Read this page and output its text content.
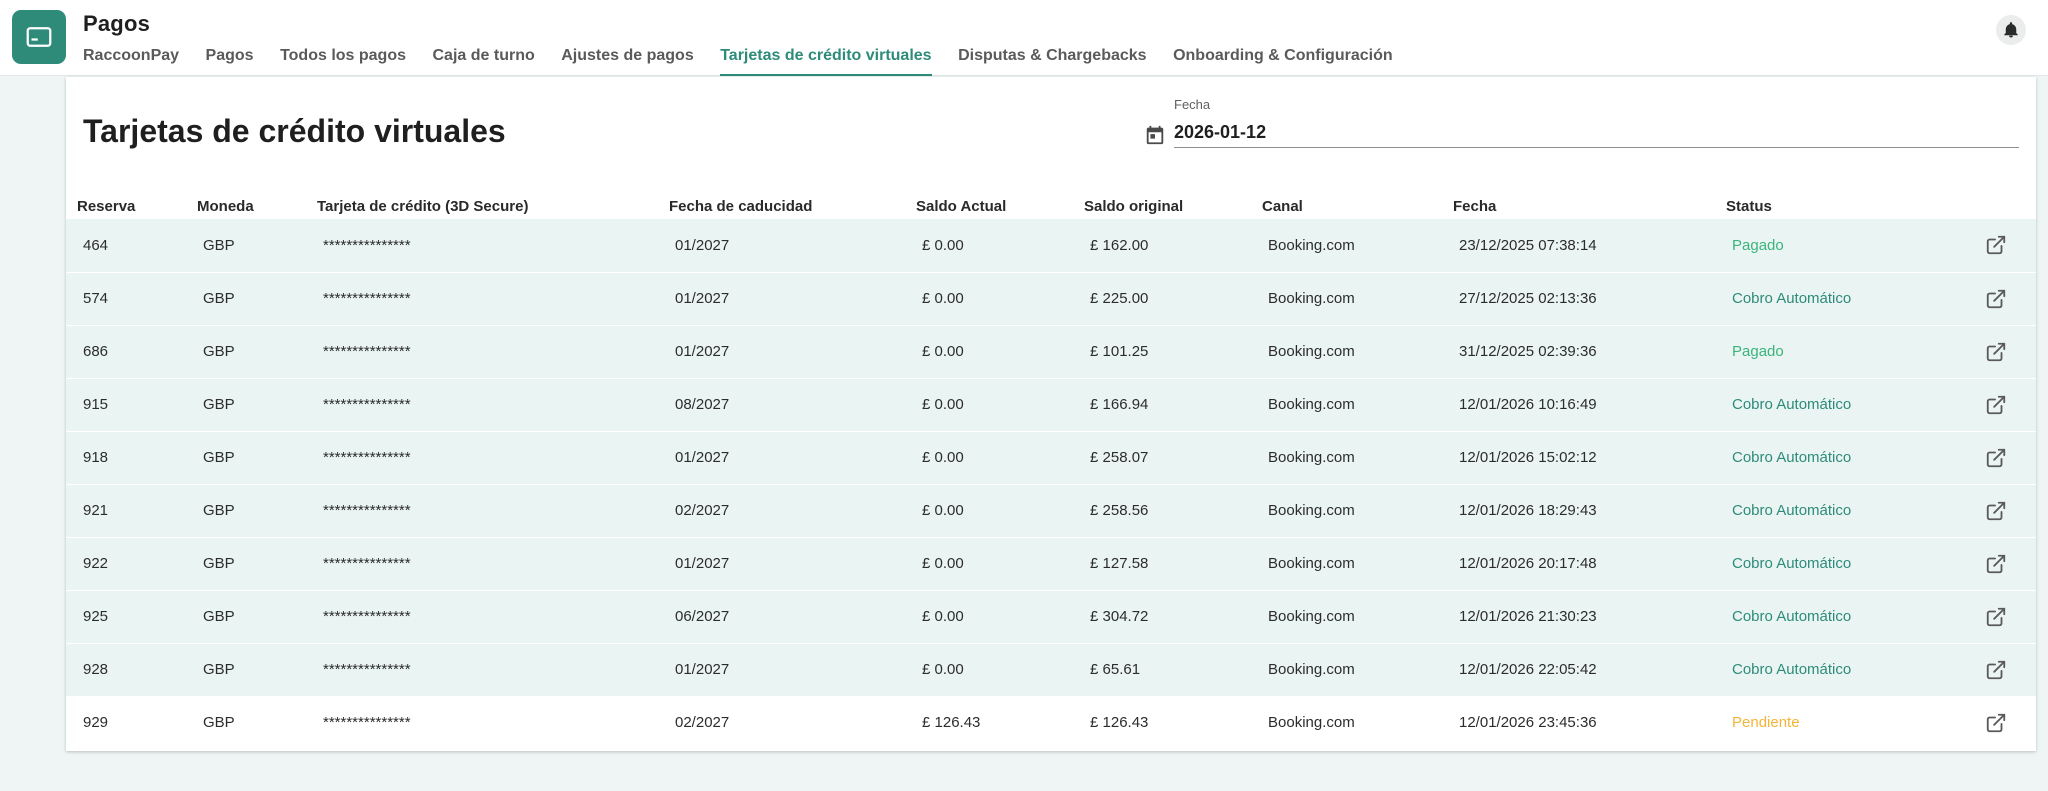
Pagos
RaccoonPay Pagos Todos los pagos Caja de turno Ajustes de pagos Tarjetas de crédito virtuales Disputas & Chargebacks Onboarding & Configuración
Tarjetas de crédito virtuales
Fecha
2026-01-12
Reserva	Moneda	Tarjeta de crédito (3D Secure)	Fecha de caducidad	Saldo Actual	Saldo original	Canal	Fecha	Status	
464	GBP	***************	01/2027	£ 0.00	£ 162.00	Booking.com	23/12/2025 07:38:14	Pagado	
574	GBP	***************	01/2027	£ 0.00	£ 225.00	Booking.com	27/12/2025 02:13:36	Cobro Automático	
686	GBP	***************	01/2027	£ 0.00	£ 101.25	Booking.com	31/12/2025 02:39:36	Pagado	
915	GBP	***************	08/2027	£ 0.00	£ 166.94	Booking.com	12/01/2026 10:16:49	Cobro Automático	
918	GBP	***************	01/2027	£ 0.00	£ 258.07	Booking.com	12/01/2026 15:02:12	Cobro Automático	
921	GBP	***************	02/2027	£ 0.00	£ 258.56	Booking.com	12/01/2026 18:29:43	Cobro Automático	
922	GBP	***************	01/2027	£ 0.00	£ 127.58	Booking.com	12/01/2026 20:17:48	Cobro Automático	
925	GBP	***************	06/2027	£ 0.00	£ 304.72	Booking.com	12/01/2026 21:30:23	Cobro Automático	
928	GBP	***************	01/2027	£ 0.00	£ 65.61	Booking.com	12/01/2026 22:05:42	Cobro Automático	
929	GBP	***************	02/2027	£ 126.43	£ 126.43	Booking.com	12/01/2026 23:45:36	Pendiente	
